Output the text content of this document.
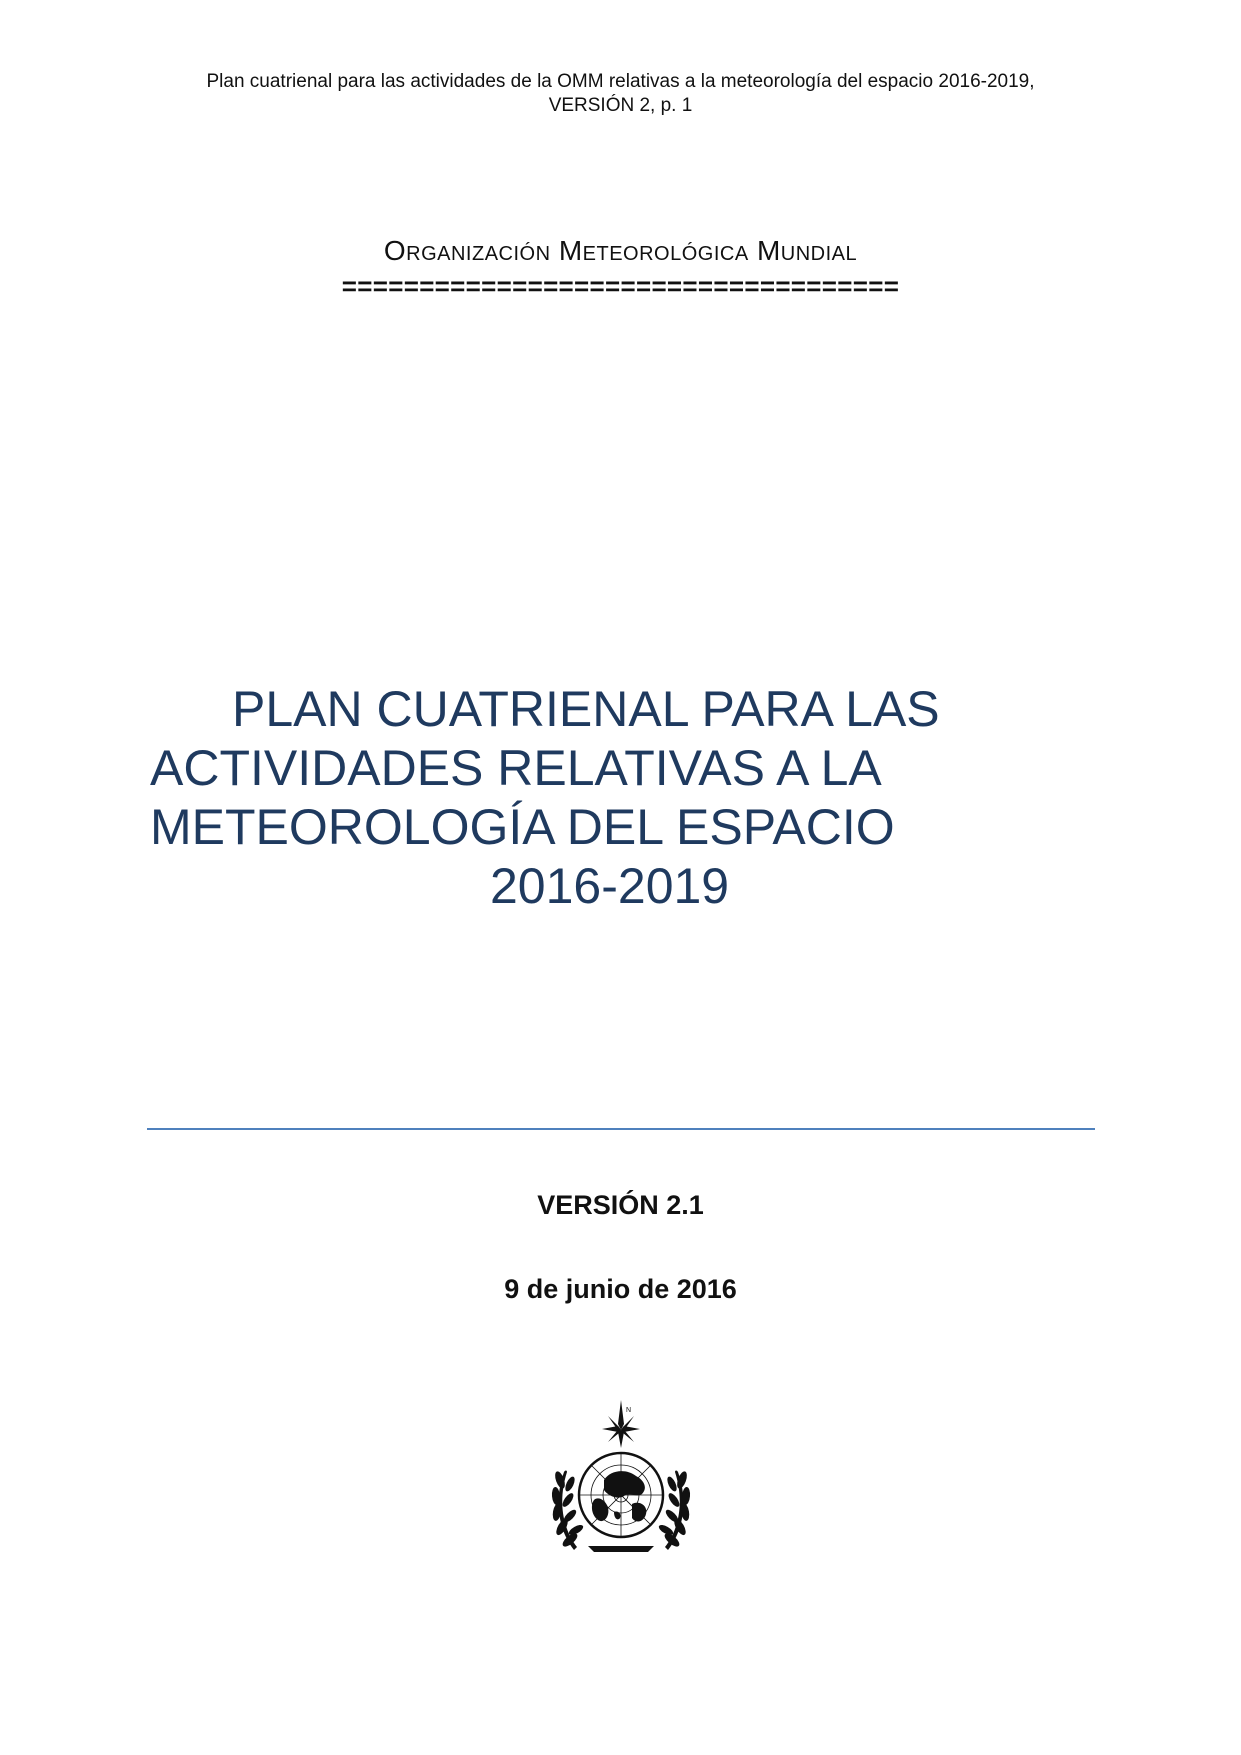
Plan cuatrienal para las actividades de la OMM relativas a la meteorología del espacio 2016-2019,
VERSIÓN 2, p. 1
Organización Meteorológica Mundial
====================================
PLAN CUATRIENAL PARA LAS
ACTIVIDADES RELATIVAS A LA
METEOROLOGÍA DEL ESPACIO
2016-2019
VERSIÓN 2.1
9 de junio de 2016
N
